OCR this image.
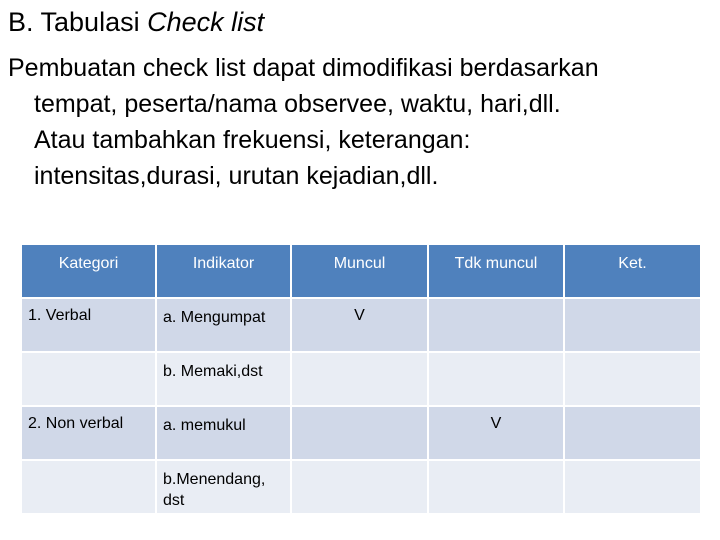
B. Tabulasi Check list
Pembuatan check list dapat dimodifikasi berdasarkan
tempat, peserta/nama observee, waktu, hari,dll.
Atau tambahkan frekuensi, keterangan:
intensitas,durasi, urutan kejadian,dll.
Kategori	Indikator	Muncul	Tdk muncul	Ket.
1. Verbal	a. Mengumpat	V		
	b. Memaki,dst			
2. Non verbal	a. memukul		V	
	b.Menendang, dst			
